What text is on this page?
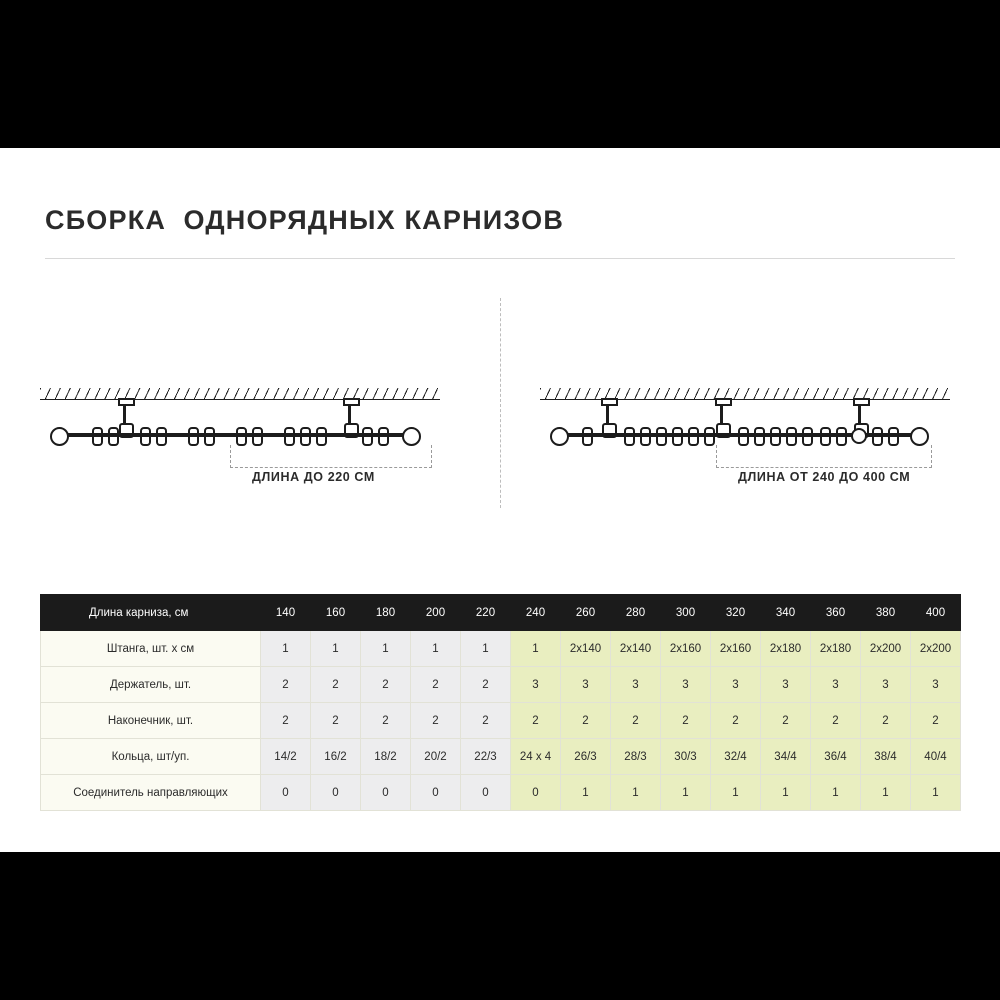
СБОРКА  ОДНОРЯДНЫХ КАРНИЗОВ
ДЛИНА ДО 220 СМ	ДЛИНА ОТ 240 ДО 400 СМ
Длина карниза, см	140	160	180	200	220	240	260	280	300	320	340	360	380	400
Штанга, шт. х см	1	1	1	1	1	1	2х140	2х140	2х160	2х160	2х180	2х180	2х200	2х200
Держатель, шт.	2	2	2	2	2	3	3	3	3	3	3	3	3	3
Наконечник, шт.	2	2	2	2	2	2	2	2	2	2	2	2	2	2
Кольца, шт/уп.	14/2	16/2	18/2	20/2	22/3	24 х 4	26/3	28/3	30/3	32/4	34/4	36/4	38/4	40/4
Соединитель направляющих	0	0	0	0	0	0	1	1	1	1	1	1	1	1
